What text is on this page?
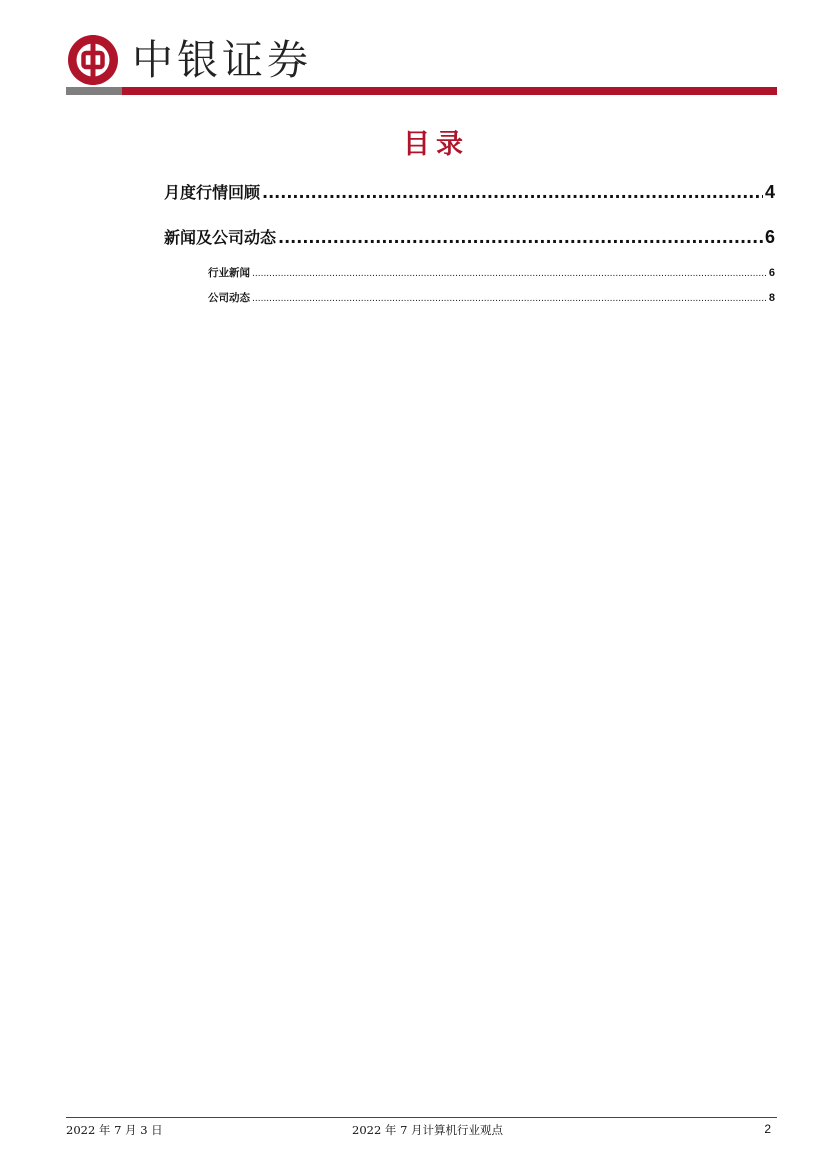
中银证券
目录
月度行情回顾 .....	4
新闻及公司动态 .....	6
行业新闻 .....	6
公司动态 .....	8
2022 年 7 月 3 日	2022 年 7 月计算机行业观点	2
